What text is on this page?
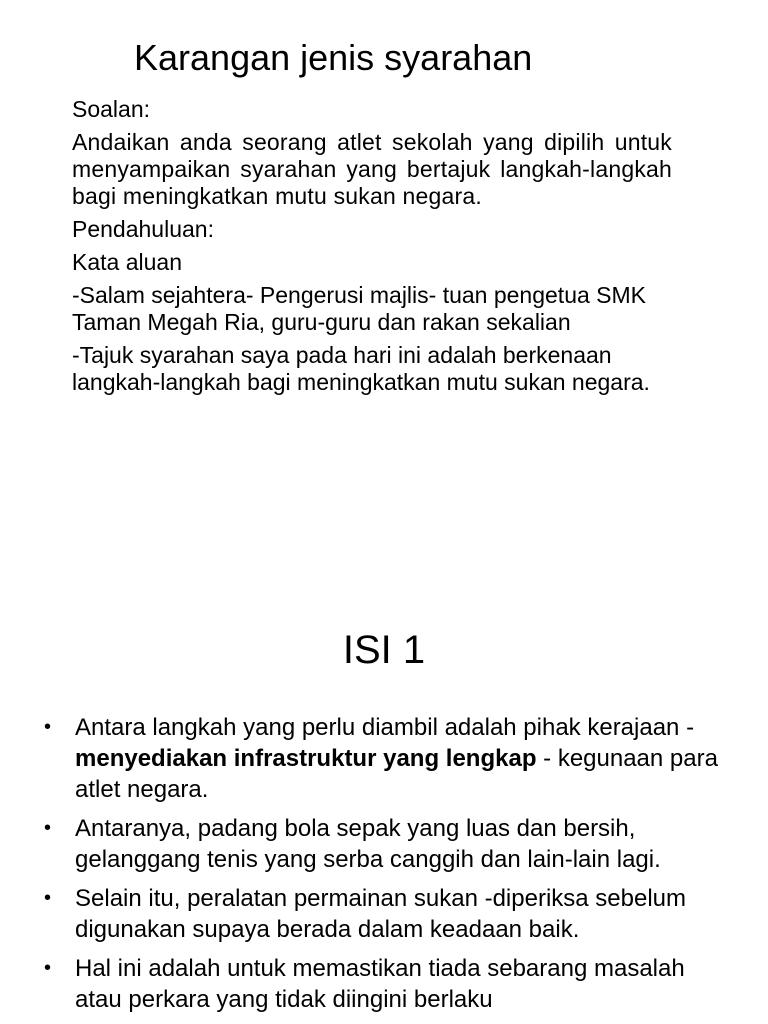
Karangan jenis syarahan

Soalan:

Andaikan anda seorang atlet sekolah yang dipilih untuk menyampaikan syarahan yang bertajuk langkah-langkah bagi meningkatkan mutu sukan negara.

Pendahuluan:

Kata aluan

-Salam sejahtera- Pengerusi majlis- tuan pengetua SMK Taman Megah Ria, guru-guru dan rakan sekalian

-Tajuk syarahan saya pada hari ini adalah berkenaan langkah-langkah bagi meningkatkan mutu sukan negara.

ISI 1
• Antara langkah yang perlu diambil adalah pihak kerajaan -menyediakan infrastruktur yang lengkap - kegunaan para atlet negara.
• Antaranya, padang bola sepak yang luas dan bersih, gelanggang tenis yang serba canggih dan lain-lain lagi.
• Selain itu, peralatan permainan sukan -diperiksa sebelum digunakan supaya berada dalam keadaan baik.
• Hal ini adalah untuk memastikan tiada sebarang masalah atau perkara yang tidak diingini berlaku
